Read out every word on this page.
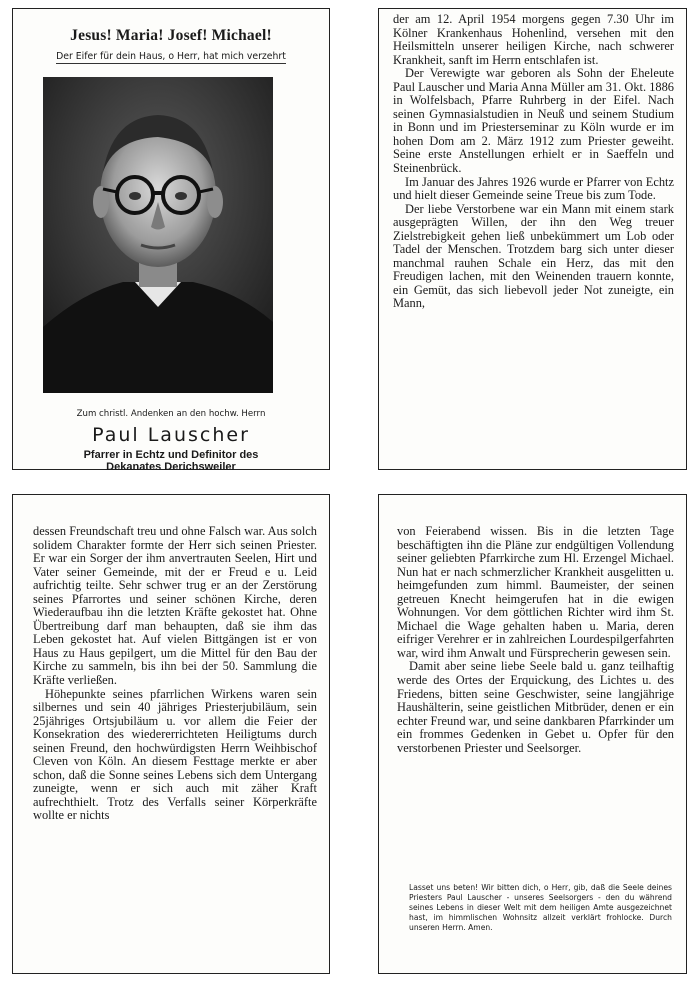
Jesus! Maria! Josef! Michael!
Der Eifer für dein Haus, o Herr, hat mich verzehrt
Zum christl. Andenken an den hochw. Herrn
Paul Lauscher
Pfarrer in Echtz und Definitor des
Dekanates Derichsweiler

der am 12. April 1954 morgens gegen 7.30 Uhr im Kölner Krankenhaus Hohenlind, versehen mit den Heilsmitteln unserer heiligen Kirche, nach schwerer Krankheit, sanft im Herrn entschlafen ist.

Der Verewigte war geboren als Sohn der Eheleute Paul Lauscher und Maria Anna Müller am 31. Okt. 1886 in Wolfelsbach, Pfarre Ruhrberg in der Eifel. Nach seinen Gymnasialstudien in Neuß und seinem Studium in Bonn und im Priesterseminar zu Köln wurde er im hohen Dom am 2. März 1912 zum Priester geweiht. Seine erste Anstellungen erhielt er in Saeffeln und Steinenbrück.

Im Januar des Jahres 1926 wurde er Pfarrer von Echtz und hielt dieser Gemeinde seine Treue bis zum Tode.

Der liebe Verstorbene war ein Mann mit einem stark ausgeprägten Willen, der ihn den Weg treuer Zielstrebigkeit gehen ließ unbekümmert um Lob oder Tadel der Menschen. Trotzdem barg sich unter dieser manchmal rauhen Schale ein Herz, das mit den Freudigen lachen, mit den Weinenden trauern konnte, ein Gemüt, das sich liebevoll jeder Not zuneigte, ein Mann,

dessen Freundschaft treu und ohne Falsch war. Aus solch solidem Charakter formte der Herr sich seinen Priester. Er war ein Sorger der ihm anvertrauten Seelen, Hirt und Vater seiner Gemeinde, mit der er Freud e u. Leid aufrichtig teilte. Sehr schwer trug er an der Zerstörung seines Pfarrortes und seiner schönen Kirche, deren Wiederaufbau ihn die letzten Kräfte gekostet hat. Ohne Übertreibung darf man behaupten, daß sie ihm das Leben gekostet hat. Auf vielen Bittgängen ist er von Haus zu Haus gepilgert, um die Mittel für den Bau der Kirche zu sammeln, bis ihn bei der 50. Sammlung die Kräfte verließen.

Höhepunkte seines pfarrlichen Wirkens waren sein silbernes und sein 40 jähriges Priesterjubiläum, sein 25jähriges Ortsjubiläum u. vor allem die Feier der Konsekration des wiedererrichteten Heiligtums durch seinen Freund, den hochwürdigsten Herrn Weihbischof Cleven von Köln. An diesem Festtage merkte er aber schon, daß die Sonne seines Lebens sich dem Untergang zuneigte, wenn er sich auch mit zäher Kraft aufrechthielt. Trotz des Verfalls seiner Körperkräfte wollte er nichts

von Feierabend wissen. Bis in die letzten Tage beschäftigten ihn die Pläne zur endgültigen Vollendung seiner geliebten Pfarrkirche zum Hl. Erzengel Michael. Nun hat er nach schmerzlicher Krankheit ausgelitten u. heimgefunden zum himml. Baumeister, der seinen getreuen Knecht heimgerufen hat in die ewigen Wohnungen. Vor dem göttlichen Richter wird ihm St. Michael die Wage gehalten haben u. Maria, deren eifriger Verehrer er in zahlreichen Lourdespilgerfahrten war, wird ihm Anwalt und Fürsprecherin gewesen sein.

Damit aber seine liebe Seele bald u. ganz teilhaftig werde des Ortes der Erquickung, des Lichtes u. des Friedens, bitten seine Geschwister, seine langjährige Haushälterin, seine geistlichen Mitbrüder, denen er ein echter Freund war, und seine dankbaren Pfarrkinder um ein frommes Gedenken in Gebet u. Opfer für den verstorbenen Priester und Seelsorger.

Lasset uns beten! Wir bitten dich, o Herr, gib, daß die Seele deines Priesters Paul Lauscher - unseres Seelsorgers - den du während seines Lebens in dieser Welt mit dem heiligen Amte ausgezeichnet hast, im himmlischen Wohnsitz allzeit verklärt frohlocke. Durch unseren Herrn. Amen.
